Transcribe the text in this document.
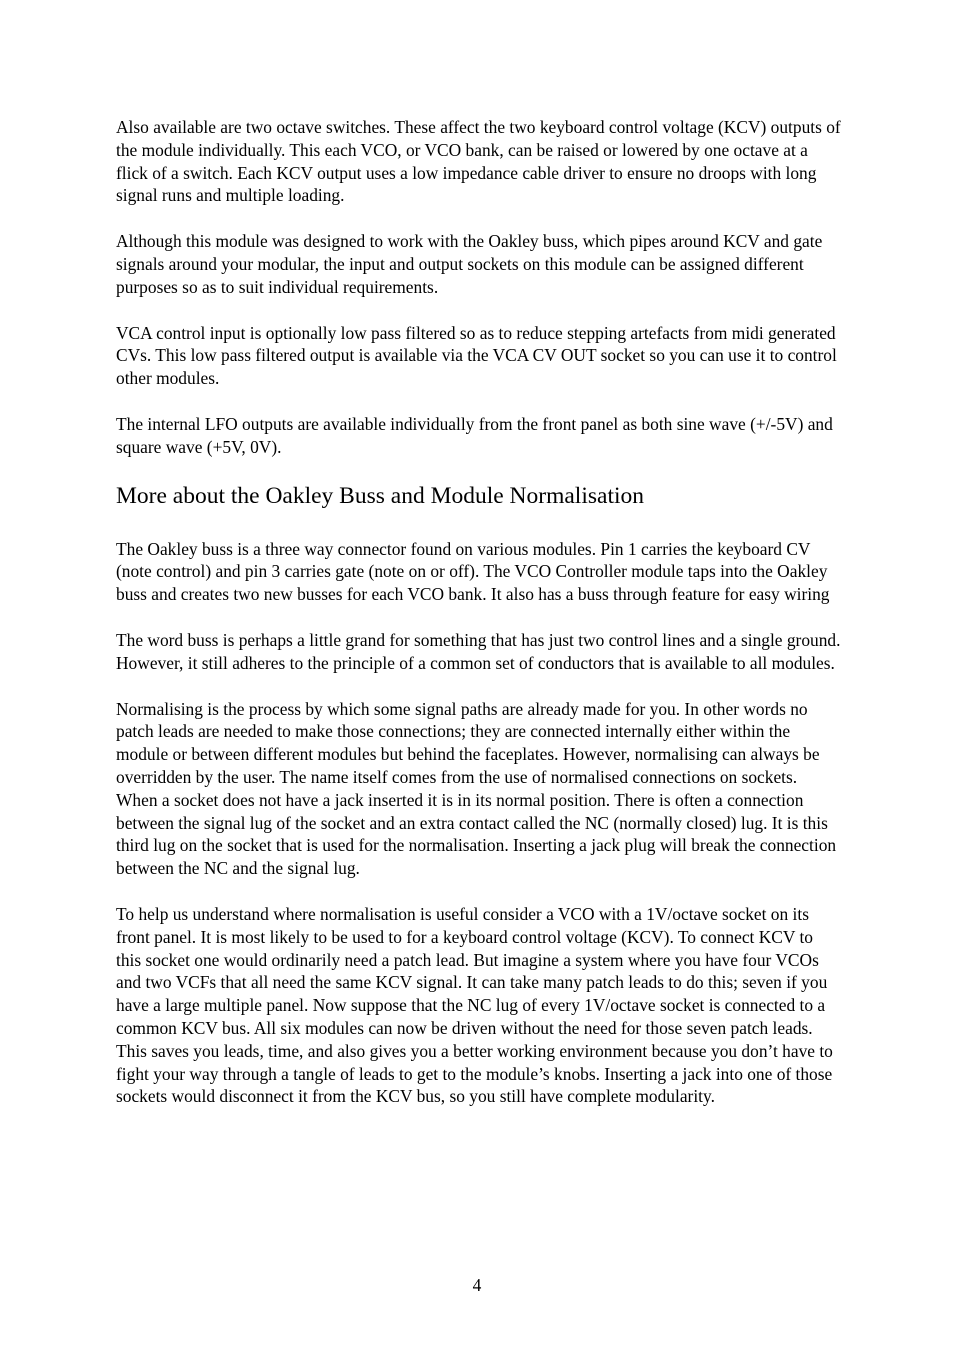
Also available are two octave switches. These affect the two keyboard control voltage (KCV) outputs of the module individually. This each VCO, or VCO bank, can be raised or lowered by one octave at a flick of a switch. Each KCV output uses a low impedance cable driver to ensure no droops with long signal runs and multiple loading.

Although this module was designed to work with the Oakley buss, which pipes around KCV and gate signals around your modular, the input and output sockets on this module can be assigned different purposes so as to suit individual requirements.

VCA control input is optionally low pass filtered so as to reduce stepping artefacts from midi generated CVs. This low pass filtered output is available via the VCA CV OUT socket so you can use it to control other modules.

The internal LFO outputs are available individually from the front panel as both sine wave (+/-5V) and square wave (+5V, 0V).

More about the Oakley Buss and Module Normalisation

The Oakley buss is a three way connector found on various modules. Pin 1 carries the keyboard CV (note control) and pin 3 carries gate (note on or off). The VCO Controller module taps into the Oakley buss and creates two new busses for each VCO bank. It also has a buss through feature for easy wiring

The word buss is perhaps a little grand for something that has just two control lines and a single ground. However, it still adheres to the principle of a common set of conductors that is available to all modules.

Normalising is the process by which some signal paths are already made for you. In other words no patch leads are needed to make those connections; they are connected internally either within the module or between different modules but behind the faceplates. However, normalising can always be overridden by the user. The name itself comes from the use of normalised connections on sockets. When a socket does not have a jack inserted it is in its normal position. There is often a connection between the signal lug of the socket and an extra contact called the NC (normally closed) lug. It is this third lug on the socket that is used for the normalisation. Inserting a jack plug will break the connection between the NC and the signal lug.

To help us understand where normalisation is useful consider a VCO with a 1V/octave socket on its front panel. It is most likely to be used to for a keyboard control voltage (KCV). To connect KCV to this socket one would ordinarily need a patch lead. But imagine a system where you have four VCOs and two VCFs that all need the same KCV signal. It can take many patch leads to do this; seven if you have a large multiple panel. Now suppose that the NC lug of every 1V/octave socket is connected to a common KCV bus. All six modules can now be driven without the need for those seven patch leads. This saves you leads, time, and also gives you a better working environment because you don’t have to fight your way through a tangle of leads to get to the module’s knobs. Inserting a jack into one of those sockets would disconnect it from the KCV bus, so you still have complete modularity.

4
